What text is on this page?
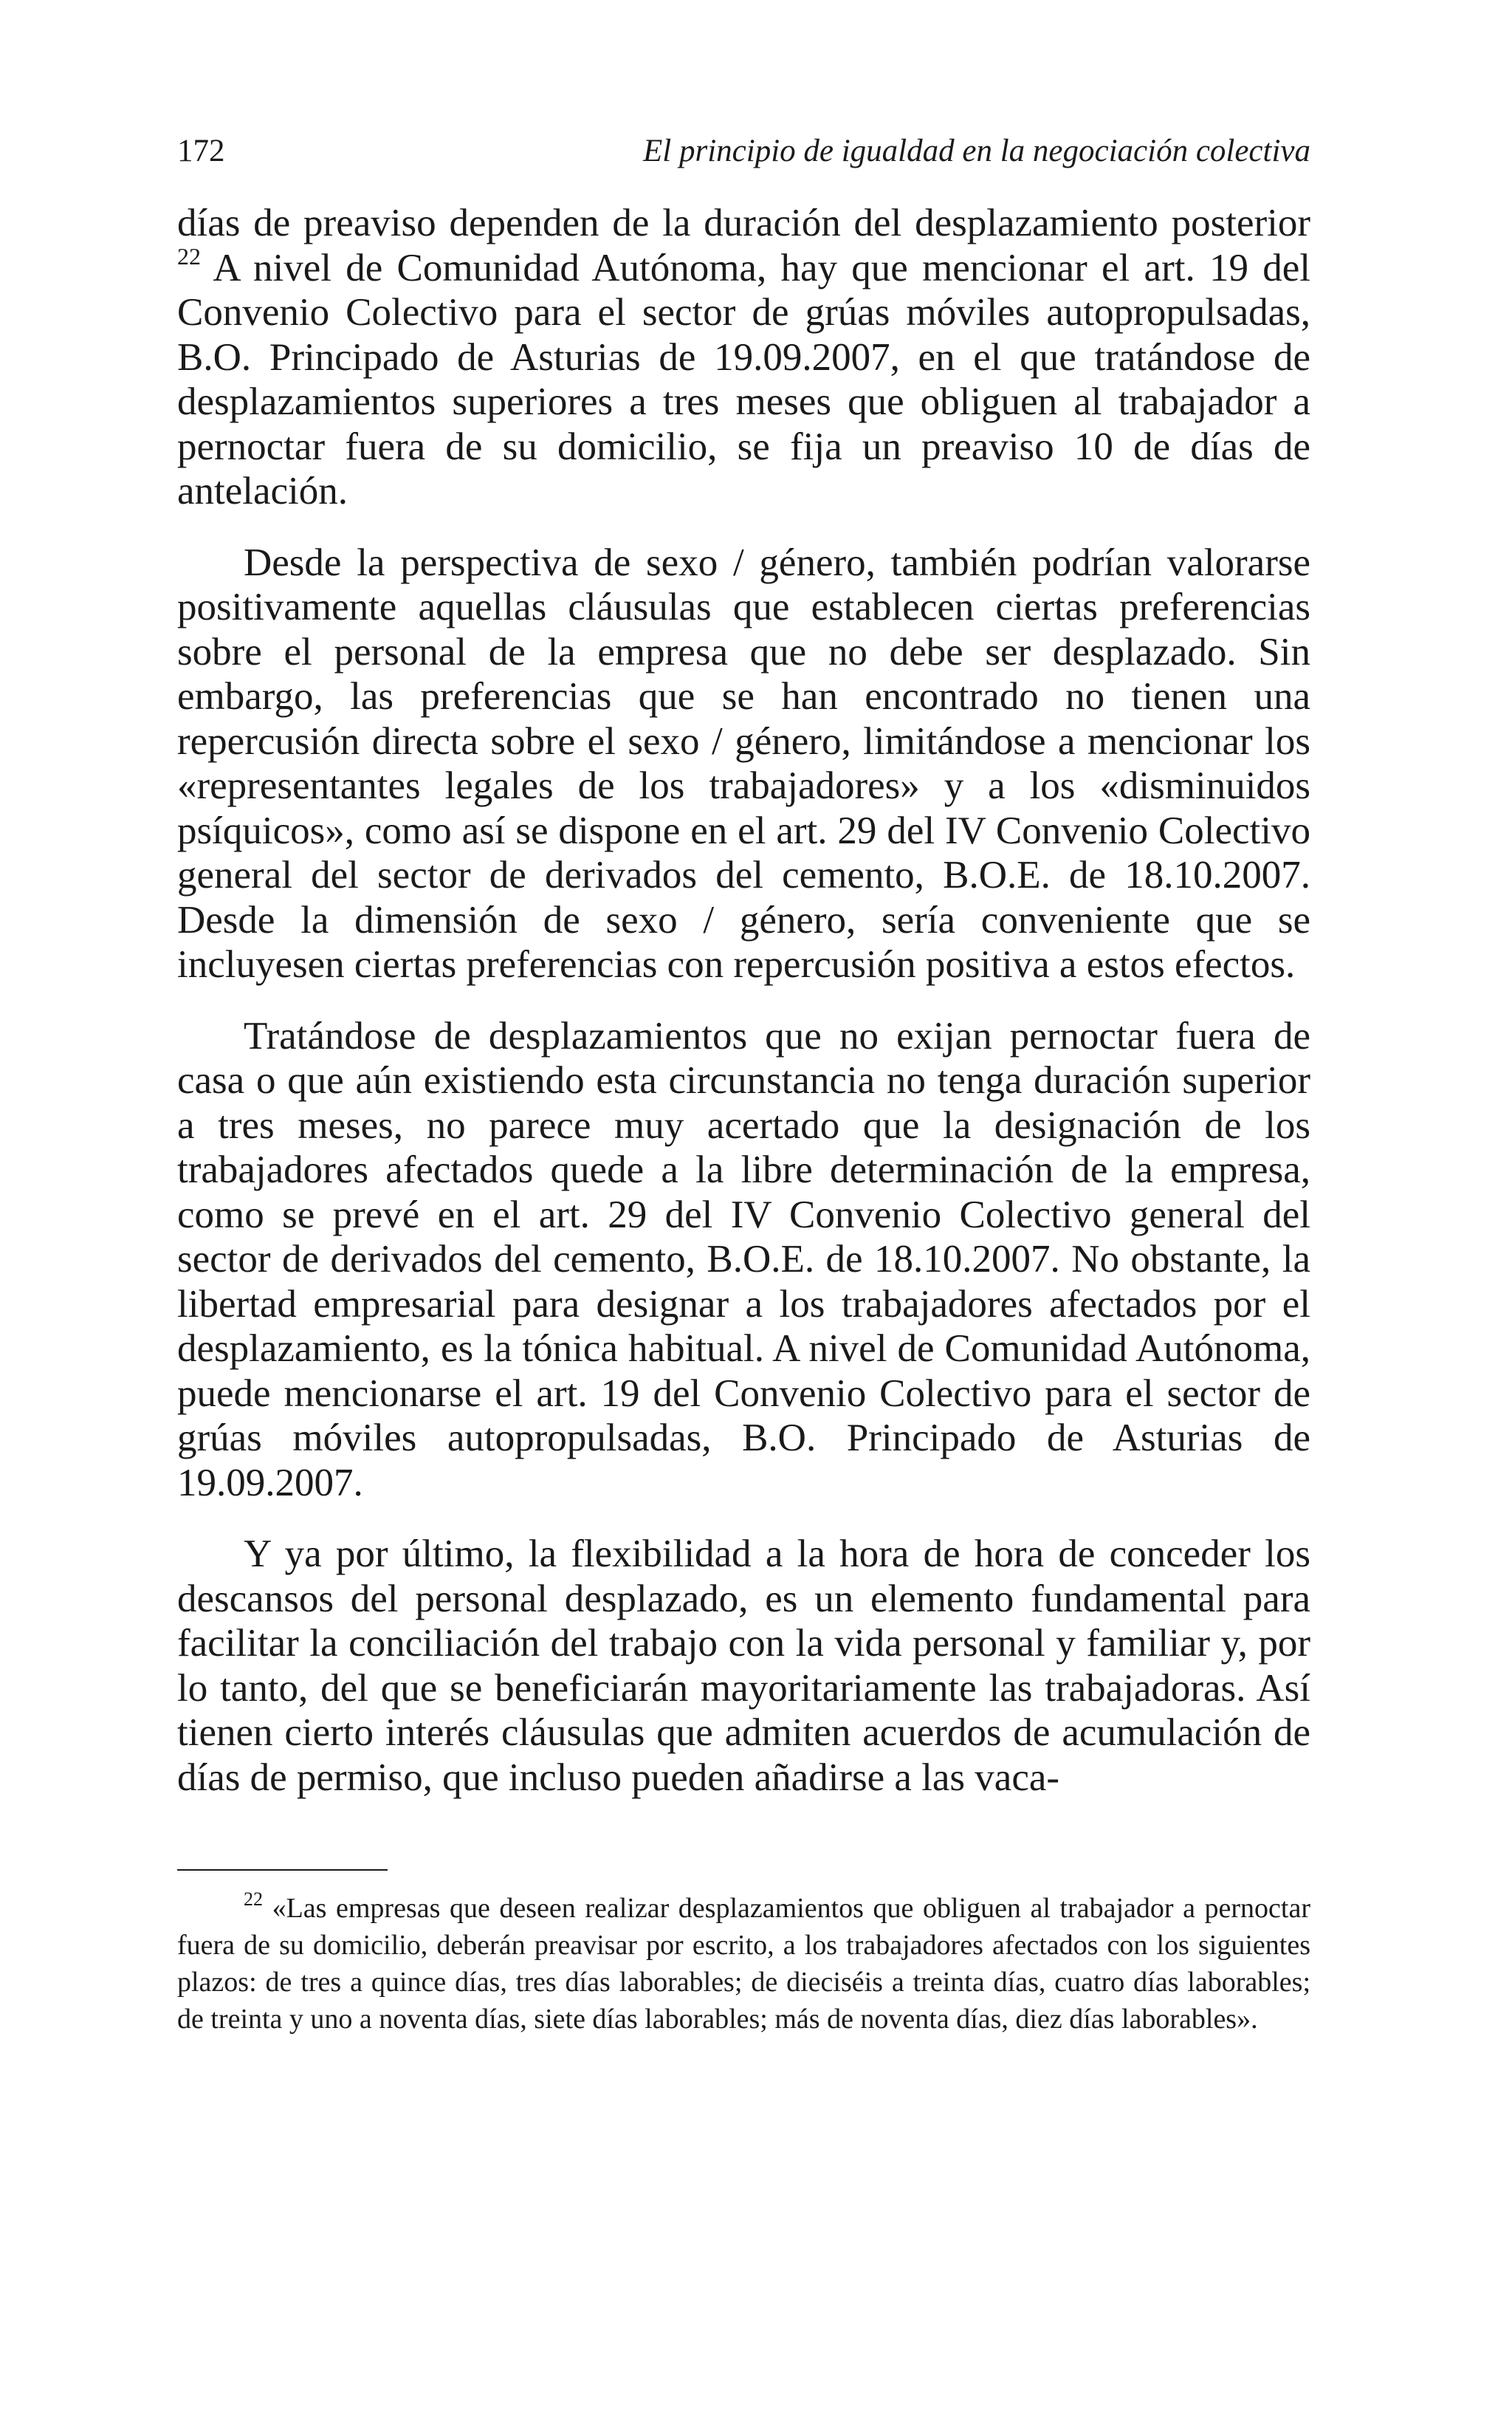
172	El principio de igualdad en la negociación colectiva

días de preaviso dependen de la duración del desplazamiento posterior $^{22}$ A nivel de Comunidad Autónoma, hay que mencionar el art. 19 del Convenio Colectivo para el sector de grúas móviles autopropulsadas, B.O. Principado de Asturias de 19.09.2007, en el que tratándose de desplazamientos superiores a tres meses que obliguen al trabajador a pernoctar fuera de su domicilio, se fija un preaviso 10 de días de antelación.

Desde la perspectiva de sexo / género, también podrían valorarse positivamente aquellas cláusulas que establecen ciertas preferencias sobre el personal de la empresa que no debe ser desplazado. Sin embargo, las preferencias que se han encontrado no tienen una repercusión directa sobre el sexo / género, limitándose a mencionar los «representantes legales de los trabajadores» y a los «disminuidos psíquicos», como así se dispone en el art. 29 del IV Convenio Colectivo general del sector de derivados del cemento, B.O.E. de 18.10.2007. Desde la dimensión de sexo / género, sería conveniente que se incluyesen ciertas preferencias con repercusión positiva a estos efectos.

Tratándose de desplazamientos que no exijan pernoctar fuera de casa o que aún existiendo esta circunstancia no tenga duración superior a tres meses, no parece muy acertado que la designación de los trabajadores afectados quede a la libre determinación de la empresa, como se prevé en el art. 29 del IV Convenio Colectivo general del sector de derivados del cemento, B.O.E. de 18.10.2007. No obstante, la libertad empresarial para designar a los trabajadores afectados por el desplazamiento, es la tónica habitual. A nivel de Comunidad Autónoma, puede mencionarse el art. 19 del Convenio Colectivo para el sector de grúas móviles autopropulsadas, B.O. Principado de Asturias de 19.09.2007.

Y ya por último, la flexibilidad a la hora de hora de conceder los descansos del personal desplazado, es un elemento fundamental para facilitar la conciliación del trabajo con la vida personal y familiar y, por lo tanto, del que se beneficiarán mayoritariamente las trabajadoras. Así tienen cierto interés cláusulas que admiten acuerdos de acumulación de días de permiso, que incluso pueden añadirse a las vaca-

$^{22}$ «Las empresas que deseen realizar desplazamientos que obliguen al trabajador a pernoctar fuera de su domicilio, deberán preavisar por escrito, a los trabajadores afectados con los siguientes plazos: de tres a quince días, tres días laborables; de dieciséis a treinta días, cuatro días laborables; de treinta y uno a noventa días, siete días laborables; más de noventa días, diez días laborables».
